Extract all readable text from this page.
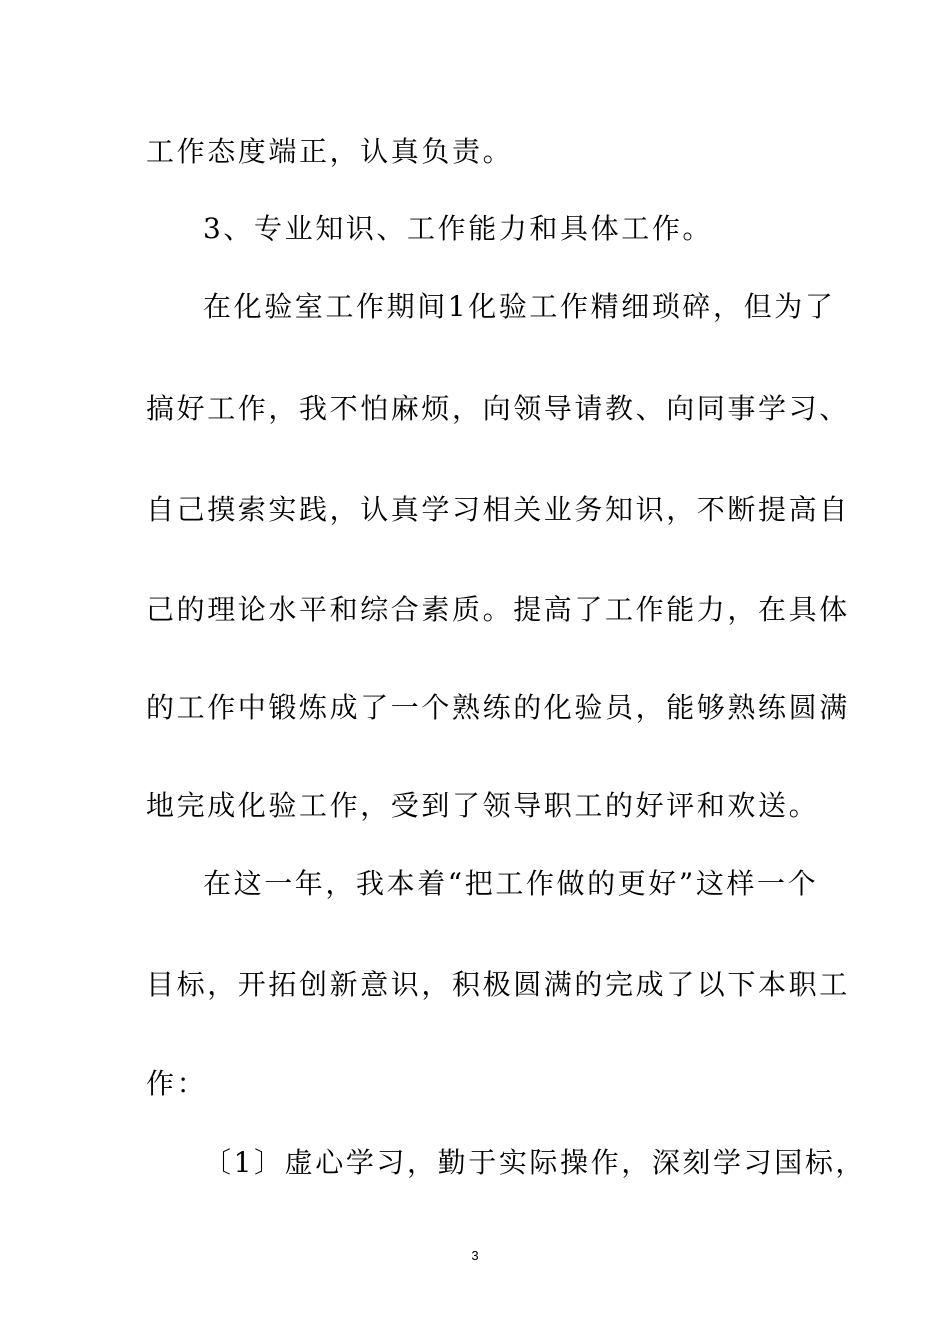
工作态度端正，认真负责。
3、专业知识、工作能力和具体工作。
在化验室工作期间1化验工作精细琐碎，但为了
搞好工作，我不怕麻烦，向领导请教、向同事学习、
自己摸索实践，认真学习相关业务知识，不断提高自
己的理论水平和综合素质。提高了工作能力，在具体
的工作中锻炼成了一个熟练的化验员，能够熟练圆满
地完成化验工作，受到了领导职工的好评和欢送。
在这一年，我本着“把工作做的更好”这样一个
目标，开拓创新意识，积极圆满的完成了以下本职工
作：
〔1〕虚心学习，勤于实际操作，深刻学习国标，
3
